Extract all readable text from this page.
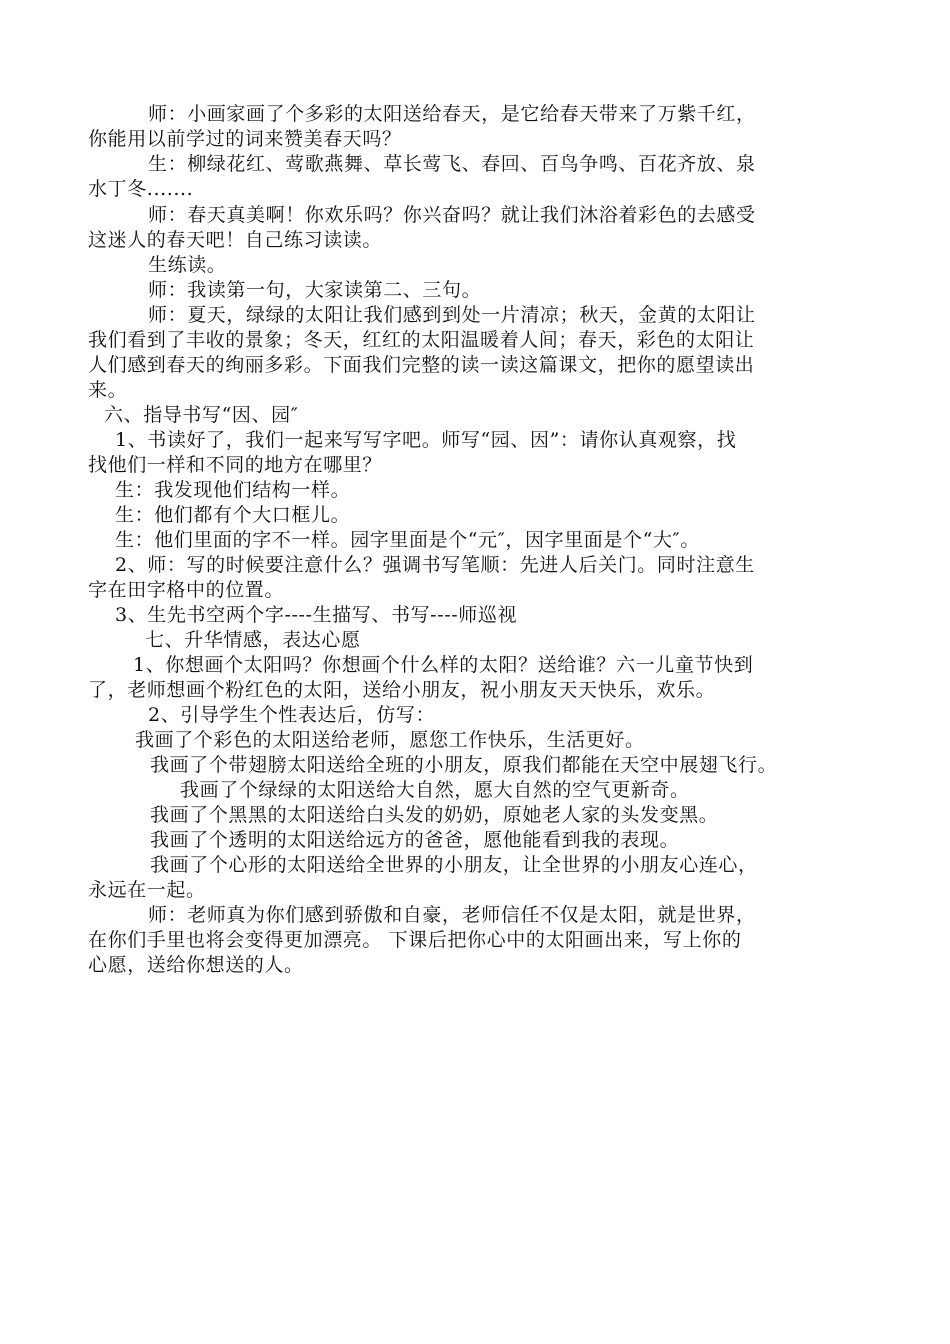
师：小画家画了个多彩的太阳送给春天，是它给春天带来了万紫千红，
你能用以前学过的词来赞美春天吗？
生：柳绿花红、莺歌燕舞、草长莺飞、春回、百鸟争鸣、百花齐放、泉
水丁冬.......
师：春天真美啊！你欢乐吗？你兴奋吗？就让我们沐浴着彩色的去感受
这迷人的春天吧！自己练习读读。
生练读。
师：我读第一句，大家读第二、三句。
师：夏天，绿绿的太阳让我们感到到处一片清凉；秋天，金黄的太阳让
我们看到了丰收的景象；冬天，红红的太阳温暖着人间；春天，彩色的太阳让
人们感到春天的绚丽多彩。下面我们完整的读一读这篇课文，把你的愿望读出
来。
六、指导书写“因、园″
1、书读好了，我们一起来写写字吧。师写“园、因”：请你认真观察，找
找他们一样和不同的地方在哪里？
生：我发现他们结构一样。
生：他们都有个大口框儿。
生：他们里面的字不一样。园字里面是个“元″，因字里面是个“大″。
2、师：写的时候要注意什么？强调书写笔顺：先进人后关门。同时注意生
字在田字格中的位置。
3、生先书空两个字----生描写、书写----师巡视
七、升华情感，表达心愿
1、你想画个太阳吗？你想画个什么样的太阳？送给谁？六一儿童节快到
了，老师想画个粉红色的太阳，送给小朋友，祝小朋友天天快乐，欢乐。
2、引导学生个性表达后，仿写：
我画了个彩色的太阳送给老师，愿您工作快乐，生活更好。
我画了个带翅膀太阳送给全班的小朋友，原我们都能在天空中展翅飞行。
我画了个绿绿的太阳送给大自然，愿大自然的空气更新奇。
我画了个黑黑的太阳送给白头发的奶奶，原她老人家的头发变黑。
我画了个透明的太阳送给远方的爸爸，愿他能看到我的表现。
我画了个心形的太阳送给全世界的小朋友，让全世界的小朋友心连心，
永远在一起。
师：老师真为你们感到骄傲和自豪，老师信任不仅是太阳，就是世界，
在你们手里也将会变得更加漂亮。 下课后把你心中的太阳画出来，写上你的
心愿，送给你想送的人。
